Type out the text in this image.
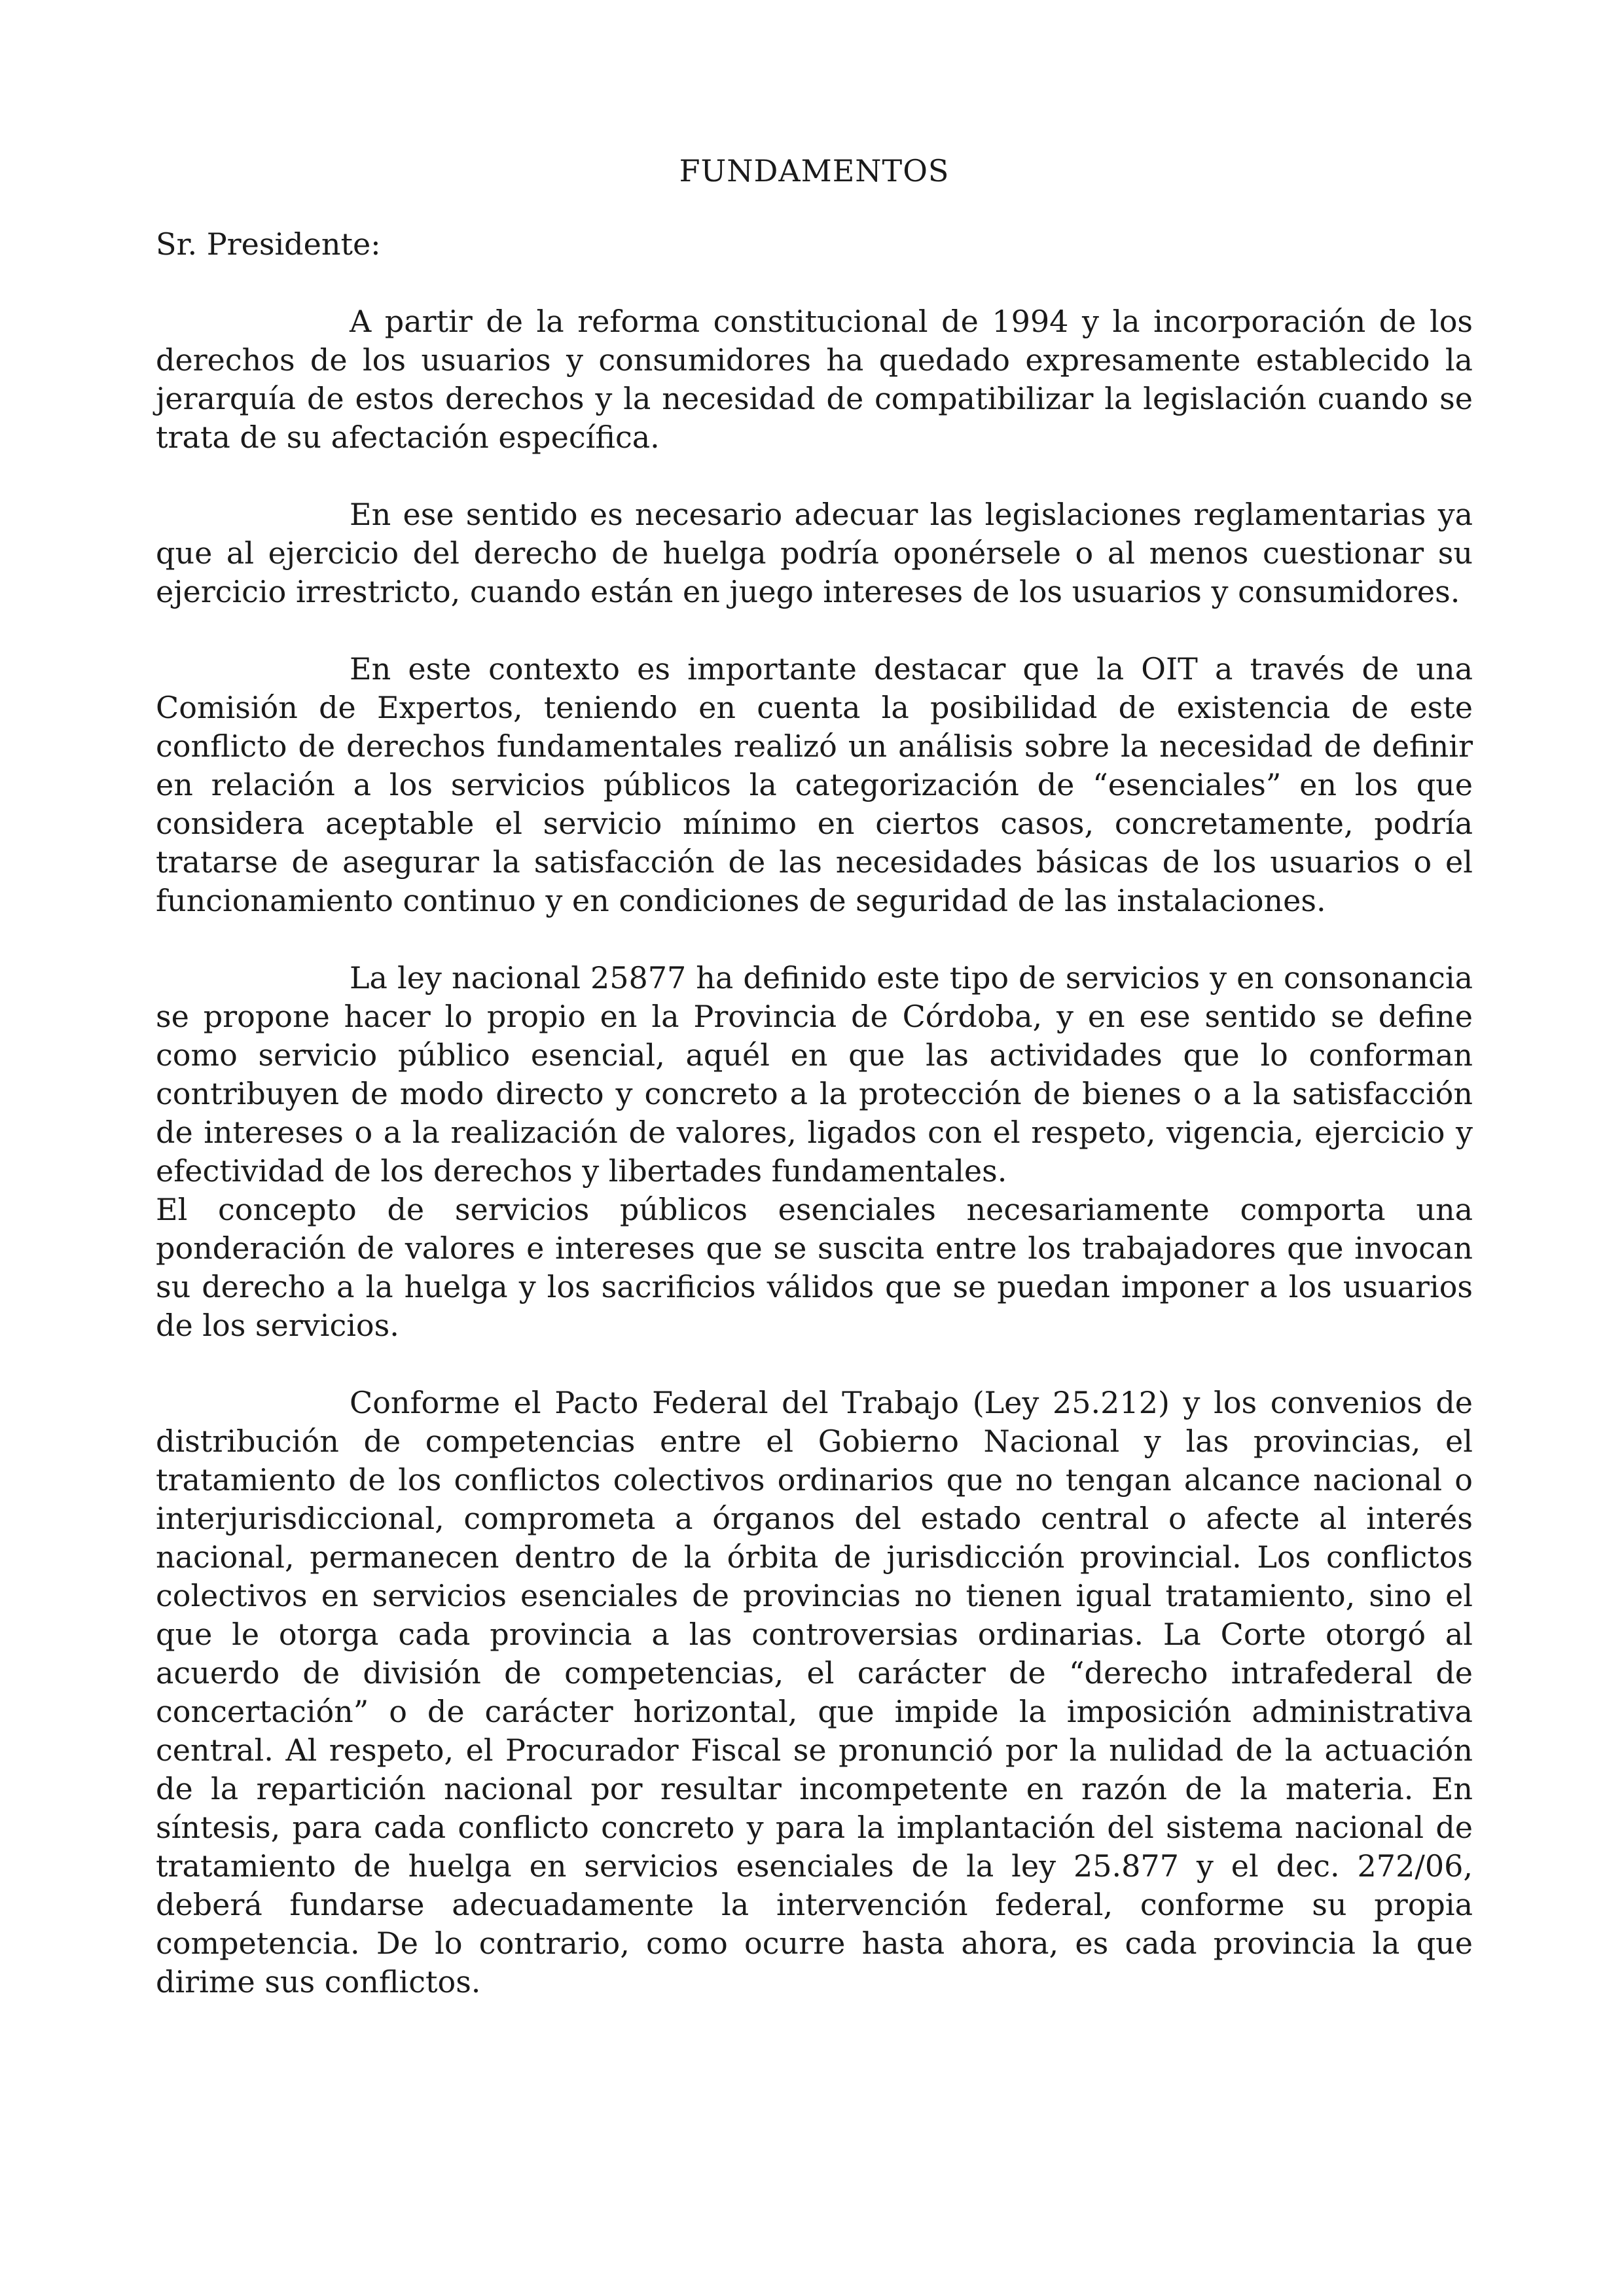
FUNDAMENTOS
Sr. Presidente:

A partir de la reforma constitucional de 1994 y la incorporación de los derechos de los usuarios y consumidores ha quedado expresamente establecido la jerarquía de estos derechos y la necesidad de compatibilizar la legislación cuando se trata de su afectación específica.

En ese sentido es necesario adecuar las legislaciones reglamentarias ya que al ejercicio del derecho de huelga podría oponérsele o al menos cuestionar su ejercicio irrestricto, cuando están en juego intereses de los usuarios y consumidores.

En este contexto es importante destacar que la OIT a través de una Comisión de Expertos, teniendo en cuenta la posibilidad de existencia de este conflicto de derechos fundamentales realizó un análisis sobre la necesidad de definir en relación a los servicios públicos la categorización de “esenciales” en los que considera aceptable el servicio mínimo en ciertos casos, concretamente, podría tratarse de asegurar la satisfacción de las necesidades básicas de los usuarios o el funcionamiento continuo y en condiciones de seguridad de las instalaciones.

La ley nacional 25877 ha definido este tipo de servicios y en consonancia se propone hacer lo propio en la Provincia de Córdoba, y en ese sentido se define como servicio público esencial, aquél en que las actividades que lo conforman contribuyen de modo directo y concreto a la protección de bienes o a la satisfacción de intereses o a la realización de valores, ligados con el respeto, vigencia, ejercicio y efectividad de los derechos y libertades fundamentales.

El concepto de servicios públicos esenciales necesariamente comporta una ponderación de valores e intereses que se suscita entre los trabajadores que invocan su derecho a la huelga y los sacrificios válidos que se puedan imponer a los usuarios de los servicios.

Conforme el Pacto Federal del Trabajo (Ley 25.212) y los convenios de distribución de competencias entre el Gobierno Nacional y las provincias, el tratamiento de los conflictos colectivos ordinarios que no tengan alcance nacional o interjurisdiccional, comprometa a órganos del estado central o afecte al interés nacional, permanecen dentro de la órbita de jurisdicción provincial. Los conflictos colectivos en servicios esenciales de provincias no tienen igual tratamiento, sino el que le otorga cada provincia a las controversias ordinarias. La Corte otorgó al acuerdo de división de competencias, el carácter de “derecho intrafederal de concertación” o de carácter horizontal, que impide la imposición administrativa central. Al respeto, el Procurador Fiscal se pronunció por la nulidad de la actuación de la repartición nacional por resultar incompetente en razón de la materia. En síntesis, para cada conflicto concreto y para la implantación del sistema nacional de tratamiento de huelga en servicios esenciales de la ley 25.877 y el dec. 272/06, deberá fundarse adecuadamente la intervención federal, conforme su propia competencia. De lo contrario, como ocurre hasta ahora, es cada provincia la que dirime sus conflictos.
